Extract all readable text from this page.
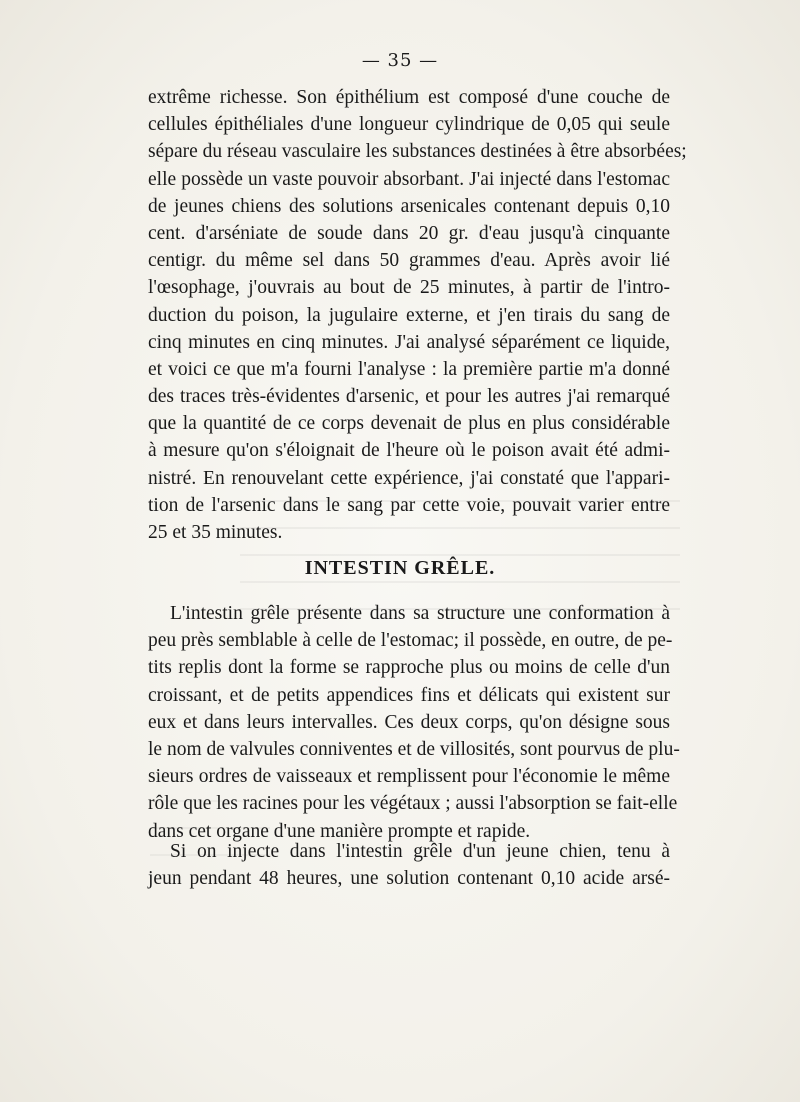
— 35 —
extrême richesse. Son épithélium est composé d'une couche de
cellules épithéliales d'une longueur cylindrique de 0,05 qui seule
sépare du réseau vasculaire les substances destinées à être absorbées;
elle possède un vaste pouvoir absorbant. J'ai injecté dans l'estomac
de jeunes chiens des solutions arsenicales contenant depuis 0,10
cent. d'arséniate de soude dans 20 gr. d'eau jusqu'à cinquante
centigr. du même sel dans 50 grammes d'eau. Après avoir lié
l'œsophage, j'ouvrais au bout de 25 minutes, à partir de l'intro-
duction du poison, la jugulaire externe, et j'en tirais du sang de
cinq minutes en cinq minutes. J'ai analysé séparément ce liquide,
et voici ce que m'a fourni l'analyse : la première partie m'a donné
des traces très-évidentes d'arsenic, et pour les autres j'ai remarqué
que la quantité de ce corps devenait de plus en plus considérable
à mesure qu'on s'éloignait de l'heure où le poison avait été admi-
nistré. En renouvelant cette expérience, j'ai constaté que l'appari-
tion de l'arsenic dans le sang par cette voie, pouvait varier entre
25 et 35 minutes.
INTESTIN GRÊLE.
L'intestin grêle présente dans sa structure une conformation à
peu près semblable à celle de l'estomac; il possède, en outre, de pe-
tits replis dont la forme se rapproche plus ou moins de celle d'un
croissant, et de petits appendices fins et délicats qui existent sur
eux et dans leurs intervalles. Ces deux corps, qu'on désigne sous
le nom de valvules conniventes et de villosités, sont pourvus de plu-
sieurs ordres de vaisseaux et remplissent pour l'économie le même
rôle que les racines pour les végétaux ; aussi l'absorption se fait-elle
dans cet organe d'une manière prompte et rapide.
Si on injecte dans l'intestin grêle d'un jeune chien, tenu à
jeun pendant 48 heures, une solution contenant 0,10 acide arsé-
